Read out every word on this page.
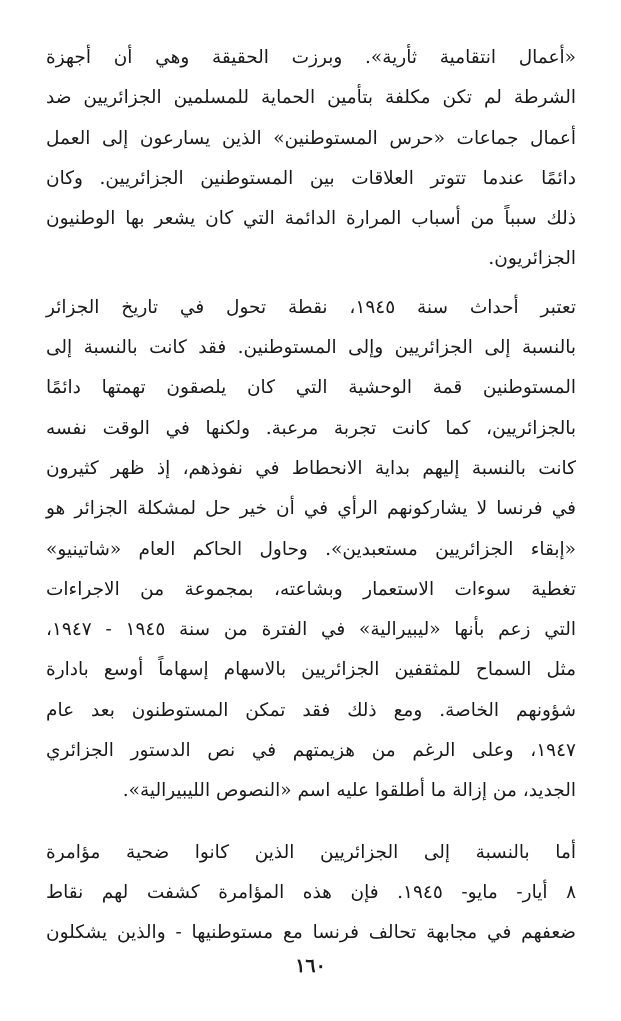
«أعمال انتقامية ثأرية». وبرزت الحقيقة وهي أن أجهزة
الشرطة لم تكن مكلفة بتأمين الحماية للمسلمين الجزائريين ضد
أعمال جماعات «حرس المستوطنين» الذين يسارعون إلى العمل
دائمًا عندما تتوتر العلاقات بين المستوطنين الجزائريين. وكان
ذلك سبباً من أسباب المرارة الدائمة التي كان يشعر بها الوطنيون
الجزائريون.
تعتبر أحداث سنة ١٩٤٥، نقطة تحول في تاريخ الجزائر
بالنسبة إلى الجزائريين وإلى المستوطنين. فقد كانت بالنسبة إلى
المستوطنين قمة الوحشية التي كان يلصقون تهمتها دائمًا
بالجزائريين، كما كانت تجربة مرعبة. ولكنها في الوقت نفسه
كانت بالنسبة إليهم بداية الانحطاط في نفوذهم، إذ ظهر كثيرون
في فرنسا لا يشاركونهم الرأي في أن خير حل لمشكلة الجزائر هو
«إبقاء الجزائريين مستعبدين». وحاول الحاكم العام «شاتينيو»
تغطية سوءات الاستعمار وبشاعته، بمجموعة من الاجراءات
التي زعم بأنها «ليبيرالية» في الفترة من سنة ١٩٤٥ - ١٩٤٧،
مثل السماح للمثقفين الجزائريين بالاسهام إسهاماً أوسع بادارة
شؤونهم الخاصة. ومع ذلك فقد تمكن المستوطنون بعد عام
١٩٤٧، وعلى الرغم من هزيمتهم في نص الدستور الجزائري
الجديد، من إزالة ما أطلقوا عليه اسم «النصوص الليبيرالية».
أما بالنسبة إلى الجزائريين الذين كانوا ضحية مؤامرة
٨ أيار- مايو- ١٩٤٥. فإن هذه المؤامرة كشفت لهم نقاط
ضعفهم في مجابهة تحالف فرنسا مع مستوطنيها - والذين يشكلون
١٦٠
